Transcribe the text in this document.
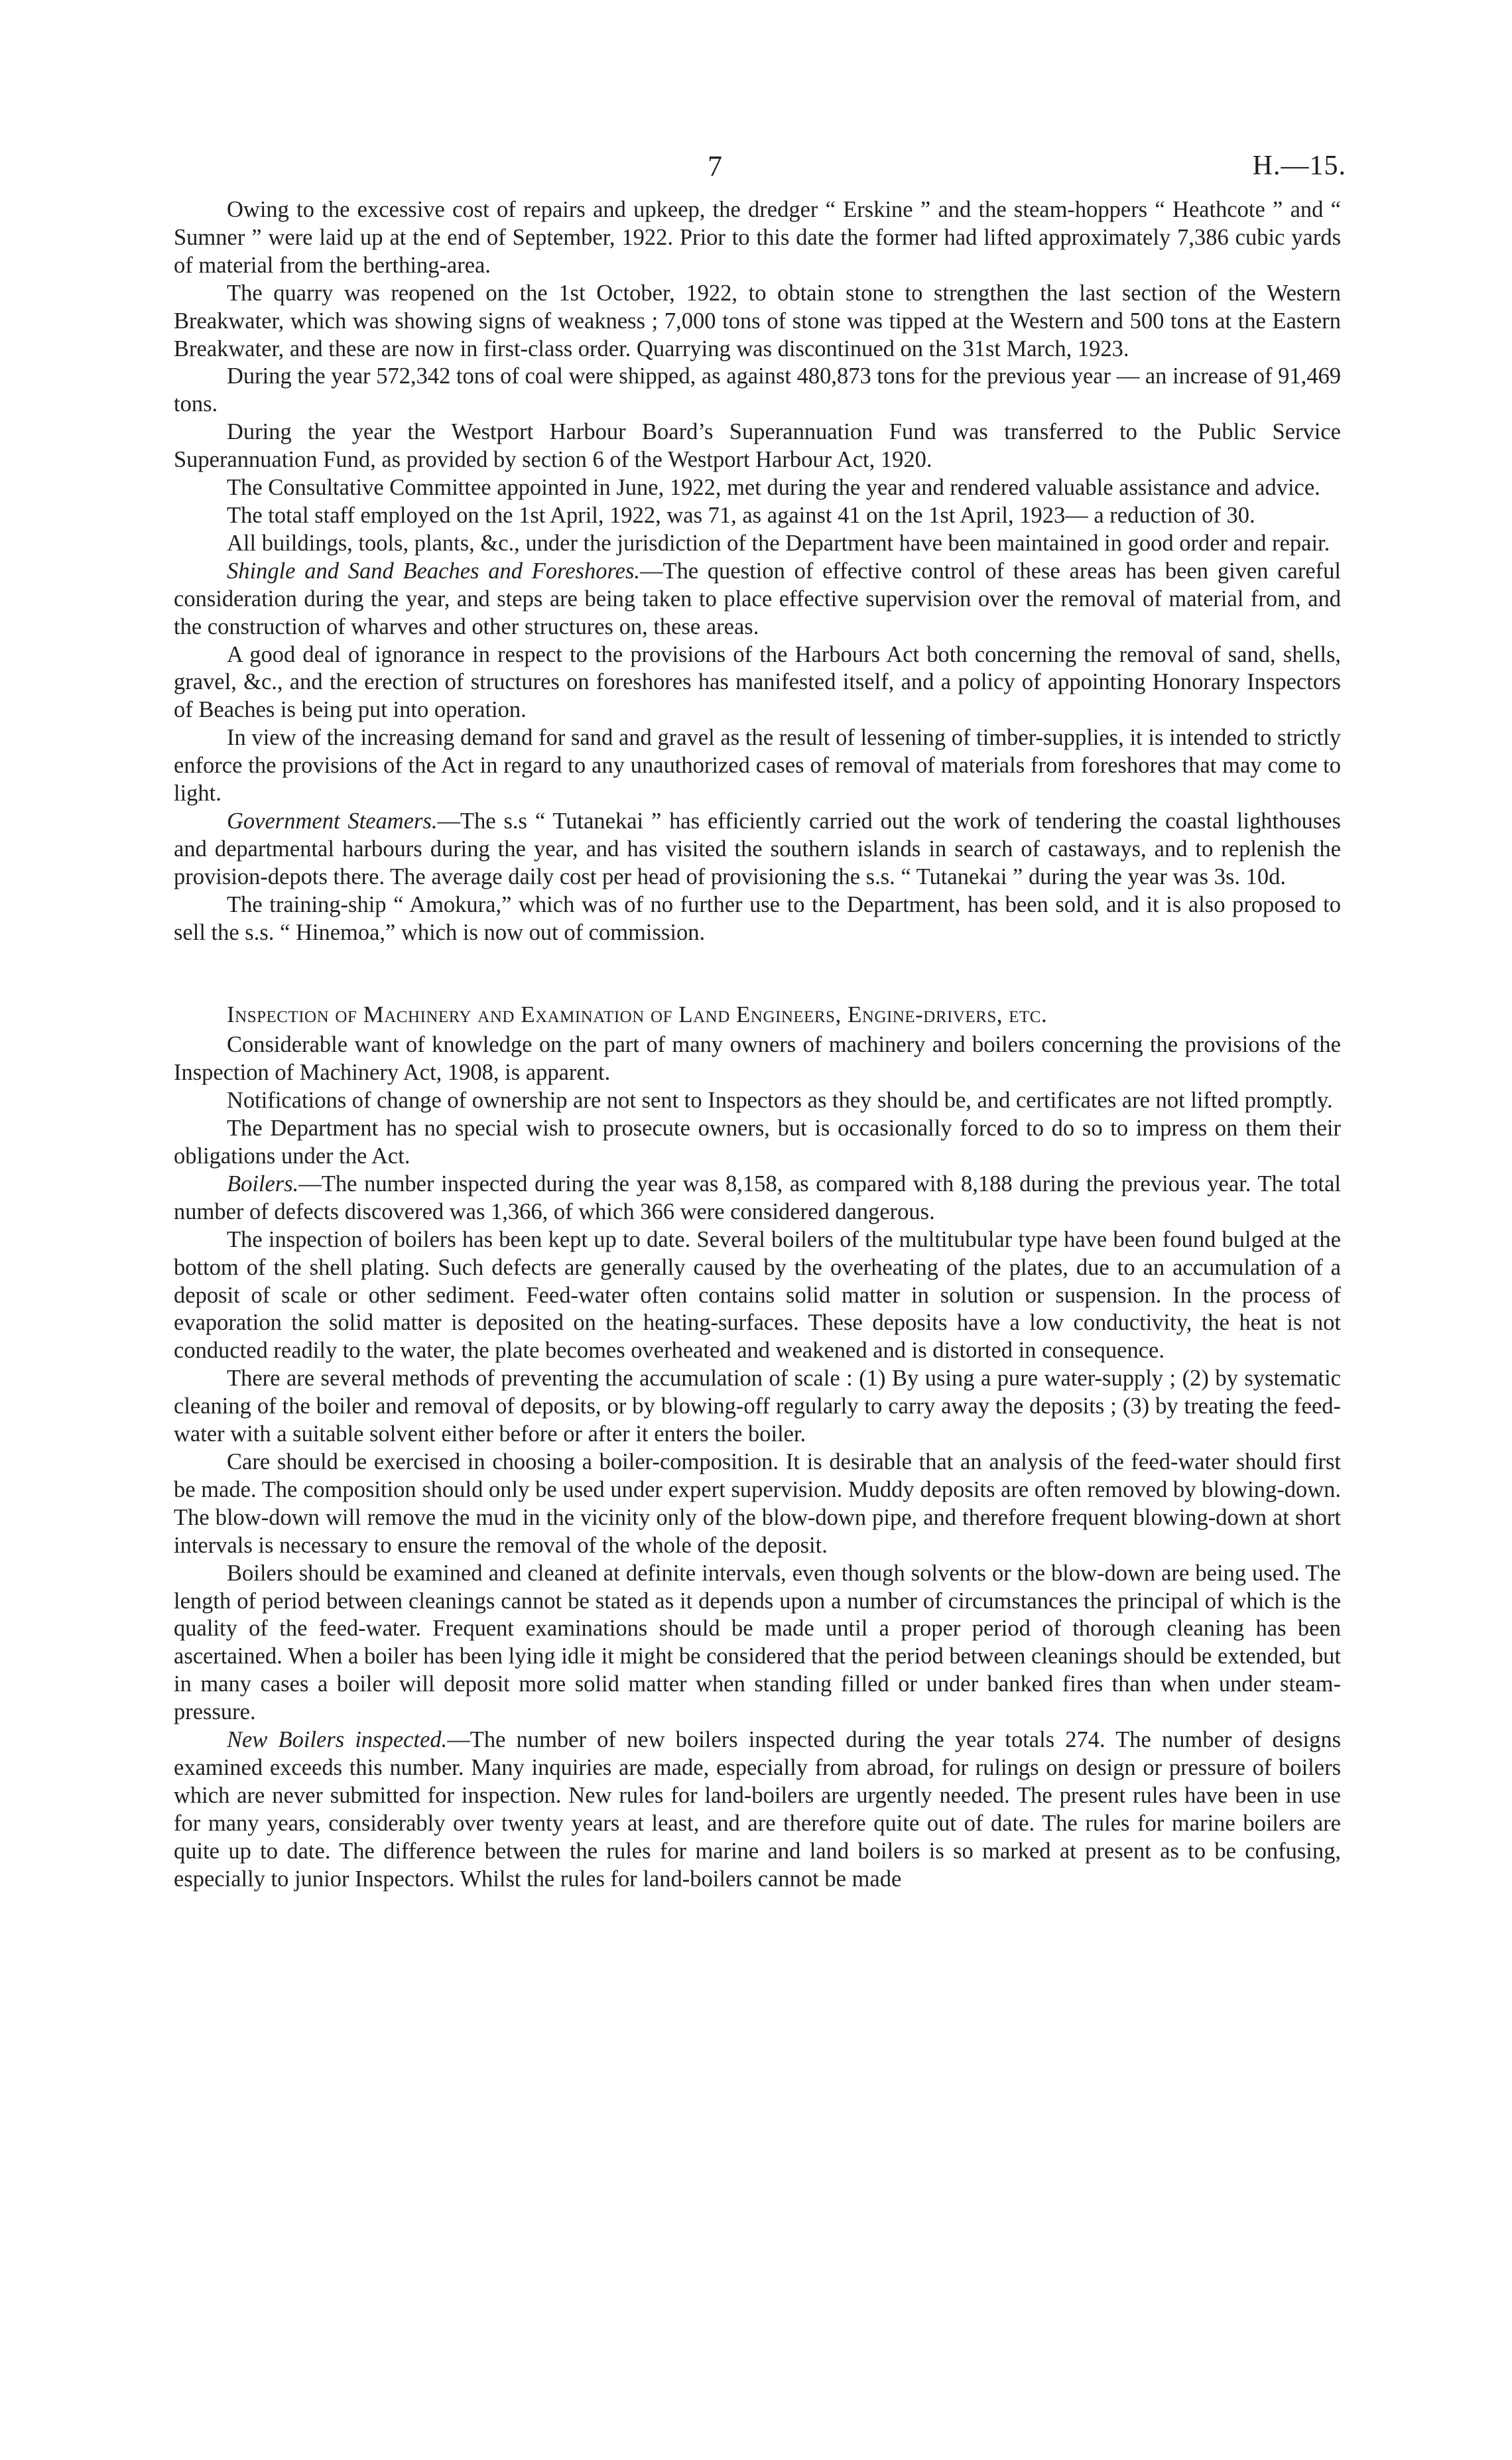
7	H.—15.

Owing to the excessive cost of repairs and upkeep, the dredger “ Erskine ” and the steam-hoppers “ Heathcote ” and “ Sumner ” were laid up at the end of September, 1922. Prior to this date the former had lifted approximately 7,386 cubic yards of material from the berthing-area.

The quarry was reopened on the 1st October, 1922, to obtain stone to strengthen the last section of the Western Breakwater, which was showing signs of weakness ; 7,000 tons of stone was tipped at the Western and 500 tons at the Eastern Breakwater, and these are now in first-class order. Quarrying was discontinued on the 31st March, 1923.

During the year 572,342 tons of coal were shipped, as against 480,873 tons for the previous year — an increase of 91,469 tons.

During the year the Westport Harbour Board’s Superannuation Fund was transferred to the Public Service Superannuation Fund, as provided by section 6 of the Westport Harbour Act, 1920.

The Consultative Committee appointed in June, 1922, met during the year and rendered valuable assistance and advice.

The total staff employed on the 1st April, 1922, was 71, as against 41 on the 1st April, 1923— a reduction of 30.

All buildings, tools, plants, &c., under the jurisdiction of the Department have been maintained in good order and repair.

Shingle and Sand Beaches and Foreshores.—The question of effective control of these areas has been given careful consideration during the year, and steps are being taken to place effective supervision over the removal of material from, and the construction of wharves and other structures on, these areas.

A good deal of ignorance in respect to the provisions of the Harbours Act both concerning the removal of sand, shells, gravel, &c., and the erection of structures on foreshores has manifested itself, and a policy of appointing Honorary Inspectors of Beaches is being put into operation.

In view of the increasing demand for sand and gravel as the result of lessening of timber-supplies, it is intended to strictly enforce the provisions of the Act in regard to any unauthorized cases of removal of materials from foreshores that may come to light.

Government Steamers.—The s.s “ Tutanekai ” has efficiently carried out the work of tendering the coastal lighthouses and departmental harbours during the year, and has visited the southern islands in search of castaways, and to replenish the provision-depots there. The average daily cost per head of provisioning the s.s. “ Tutanekai ” during the year was 3s. 10d.

The training-ship “ Amokura,” which was of no further use to the Department, has been sold, and it is also proposed to sell the s.s. “ Hinemoa,” which is now out of commission.

Inspection of Machinery and Examination of Land Engineers, Engine-drivers, etc.

Considerable want of knowledge on the part of many owners of machinery and boilers concerning the provisions of the Inspection of Machinery Act, 1908, is apparent.

Notifications of change of ownership are not sent to Inspectors as they should be, and certificates are not lifted promptly.

The Department has no special wish to prosecute owners, but is occasionally forced to do so to impress on them their obligations under the Act.

Boilers.—The number inspected during the year was 8,158, as compared with 8,188 during the previous year. The total number of defects discovered was 1,366, of which 366 were considered dangerous.

The inspection of boilers has been kept up to date. Several boilers of the multitubular type have been found bulged at the bottom of the shell plating. Such defects are generally caused by the overheating of the plates, due to an accumulation of a deposit of scale or other sediment. Feed-water often contains solid matter in solution or suspension. In the process of evaporation the solid matter is deposited on the heating-surfaces. These deposits have a low conductivity, the heat is not conducted readily to the water, the plate becomes overheated and weakened and is distorted in consequence.

There are several methods of preventing the accumulation of scale : (1) By using a pure water-supply ; (2) by systematic cleaning of the boiler and removal of deposits, or by blowing-off regularly to carry away the deposits ; (3) by treating the feed-water with a suitable solvent either before or after it enters the boiler.

Care should be exercised in choosing a boiler-composition. It is desirable that an analysis of the feed-water should first be made. The composition should only be used under expert supervision. Muddy deposits are often removed by blowing-down. The blow-down will remove the mud in the vicinity only of the blow-down pipe, and therefore frequent blowing-down at short intervals is necessary to ensure the removal of the whole of the deposit.

Boilers should be examined and cleaned at definite intervals, even though solvents or the blow-down are being used. The length of period between cleanings cannot be stated as it depends upon a number of circumstances the principal of which is the quality of the feed-water. Frequent examinations should be made until a proper period of thorough cleaning has been ascertained. When a boiler has been lying idle it might be considered that the period between cleanings should be extended, but in many cases a boiler will deposit more solid matter when standing filled or under banked fires than when under steam-pressure.

New Boilers inspected.—The number of new boilers inspected during the year totals 274. The number of designs examined exceeds this number. Many inquiries are made, especially from abroad, for rulings on design or pressure of boilers which are never submitted for inspection. New rules for land-boilers are urgently needed. The present rules have been in use for many years, considerably over twenty years at least, and are therefore quite out of date. The rules for marine boilers are quite up to date. The difference between the rules for marine and land boilers is so marked at present as to be confusing, especially to junior Inspectors. Whilst the rules for land-boilers cannot be made
